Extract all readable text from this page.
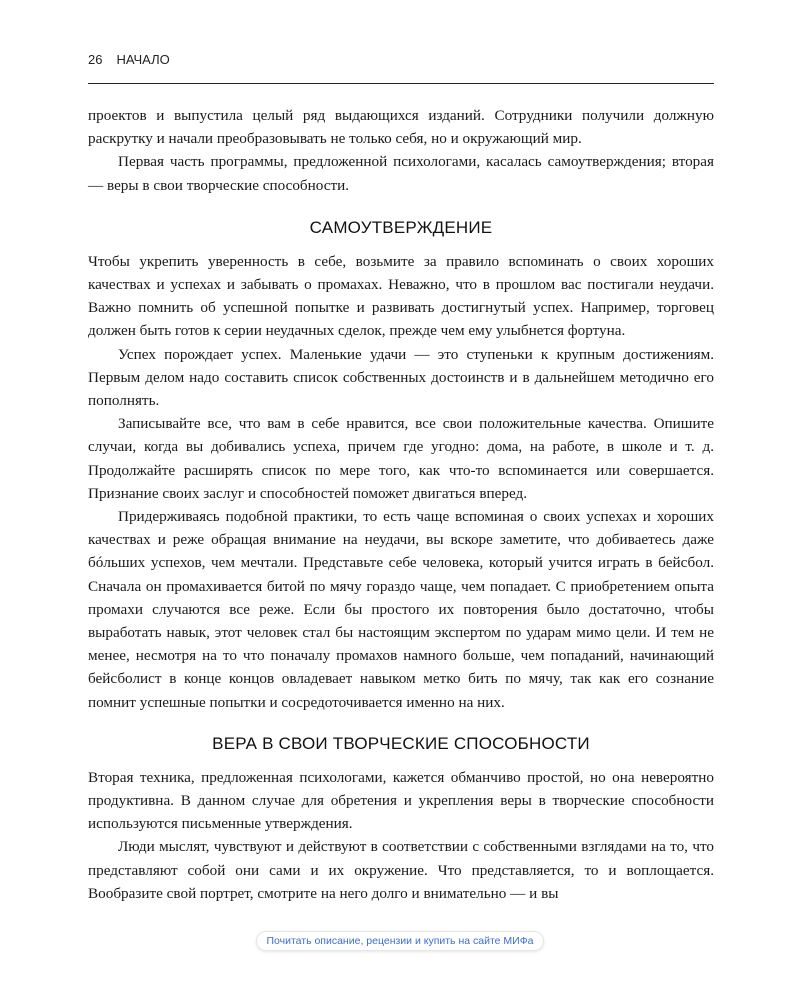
26 НАЧАЛО

проектов и выпустила целый ряд выдающихся изданий. Сотрудники получили должную раскрутку и начали преобразовывать не только себя, но и окружающий мир.

Первая часть программы, предложенной психологами, касалась самоутверждения; вторая — веры в свои творческие способности.

САМОУТВЕРЖДЕНИЕ

Чтобы укрепить уверенность в себе, возьмите за правило вспоминать о своих хороших качествах и успехах и забывать о промахах. Неважно, что в прошлом вас постигали неудачи. Важно помнить об успешной попытке и развивать достигнутый успех. Например, торговец должен быть готов к серии неудачных сделок, прежде чем ему улыбнется фортуна.

Успех порождает успех. Маленькие удачи — это ступеньки к крупным достижениям. Первым делом надо составить список собственных достоинств и в дальнейшем методично его пополнять.

Записывайте все, что вам в себе нравится, все свои положительные качества. Опишите случаи, когда вы добивались успеха, причем где угодно: дома, на работе, в школе и т. д. Продолжайте расширять список по мере того, как что-то вспоминается или совершается. Признание своих заслуг и способностей поможет двигаться вперед.

Придерживаясь подобной практики, то есть чаще вспоминая о своих успехах и хороших качествах и реже обращая внимание на неудачи, вы вскоре заметите, что добиваетесь даже бóльших успехов, чем мечтали. Представьте себе человека, который учится играть в бейсбол. Сначала он промахивается битой по мячу гораздо чаще, чем попадает. С приобретением опыта промахи случаются все реже. Если бы простого их повторения было достаточно, чтобы выработать навык, этот человек стал бы настоящим экспертом по ударам мимо цели. И тем не менее, несмотря на то что поначалу промахов намного больше, чем попаданий, начинающий бейсболист в конце концов овладевает навыком метко бить по мячу, так как его сознание помнит успешные попытки и сосредоточивается именно на них.

ВЕРА В СВОИ ТВОРЧЕСКИЕ СПОСОБНОСТИ

Вторая техника, предложенная психологами, кажется обманчиво простой, но она невероятно продуктивна. В данном случае для обретения и укрепления веры в творческие способности используются письменные утверждения.

Люди мыслят, чувствуют и действуют в соответствии с собственными взглядами на то, что представляют собой они сами и их окружение. Что представляется, то и воплощается. Вообразите свой портрет, смотрите на него долго и внимательно — и вы

Почитать описание, рецензии и купить на сайте МИФа
